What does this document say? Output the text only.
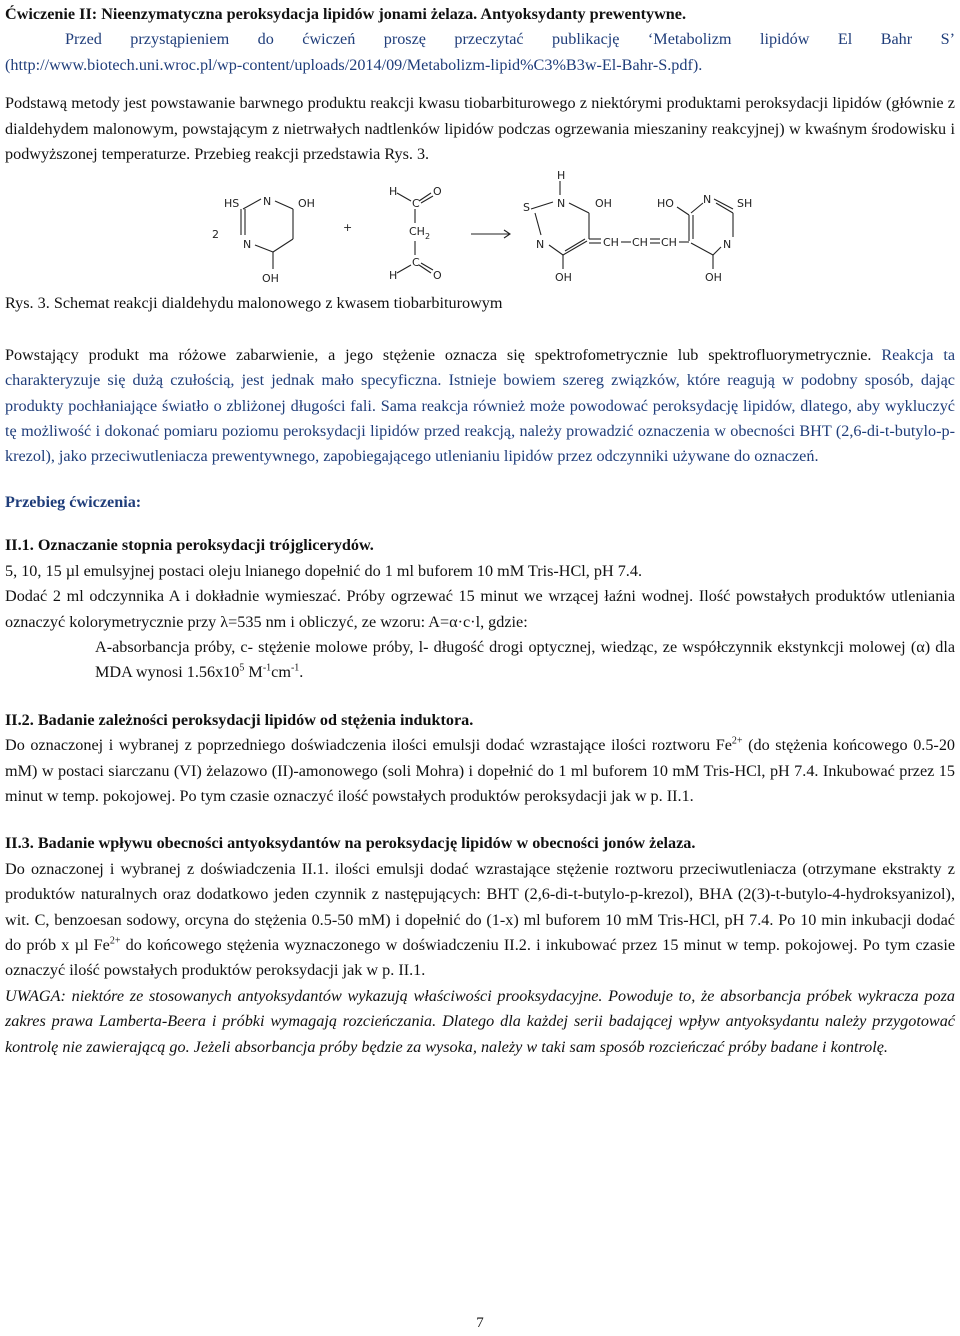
Ćwiczenie II: Nieenzymatyczna peroksydacja lipidów jonami żelaza. Antyoksydanty prewentywne.

Przed przystąpieniem do ćwiczeń proszę przeczytać publikację ‘Metabolizm lipidów El Bahr S’

(http://www.biotech.uni.wroc.pl/wp-content/uploads/2014/09/Metabolizm-lipid%C3%B3w-El-Bahr-S.pdf).

Podstawą metody jest powstawanie barwnego produktu reakcji kwasu tiobarbiturowego z niektórymi produktami peroksydacji lipidów (głównie z dialdehydem malonowym, powstającym z nietrwałych nadtlenków lipidów podczas ogrzewania mieszaniny reakcyjnej) w kwaśnym środowisku i podwyższonej temperaturze. Przebieg reakcji przedstawia Rys. 3.

2
HS N OH
N
OH
+
H
C
O
$CH_2$
C
H	O
H
N	OH
S
N
OH
CH CH CH
HO	N SH
N
OH

Rys. 3. Schemat reakcji dialdehydu malonowego z kwasem tiobarbiturowym

Powstający produkt ma różowe zabarwienie, a jego stężenie oznacza się spektrofometrycznie lub spektrofluorymetrycznie. Reakcja ta charakteryzuje się dużą czułością, jest jednak mało specyficzna. Istnieje bowiem szereg związków, które reagują w podobny sposób, dając produkty pochłaniające światło o zbliżonej długości fali. Sama reakcja również może powodować peroksydację lipidów, dlatego, aby wykluczyć tę możliwość i dokonać pomiaru poziomu peroksydacji lipidów przed reakcją, należy prowadzić oznaczenia w obecności BHT (2,6-di-t-butylo-p-krezol), jako przeciwutleniacza prewentywnego, zapobiegającego utlenianiu lipidów przez odczynniki używane do oznaczeń.

Przebieg ćwiczenia:

II.1. Oznaczanie stopnia peroksydacji trójglicerydów.

5, 10, 15 µl emulsyjnej postaci oleju lnianego dopełnić do 1 ml buforem 10 mM Tris-HCl, pH 7.4.

Dodać 2 ml odczynnika A i dokładnie wymieszać. Próby ogrzewać 15 minut we wrzącej łaźni wodnej. Ilość powstałych produktów utleniania oznaczyć kolorymetrycznie przy λ=535 nm i obliczyć, ze wzoru: A=α·c·l, gdzie:

A-absorbancja próby, c- stężenie molowe próby, l- długość drogi optycznej, wiedząc, ze współczynnik ekstynkcji molowej (α) dla MDA wynosi $1.56x10^5$ $M^{-1}cm^{-1}$.

II.2. Badanie zależności peroksydacji lipidów od stężenia induktora.

Do oznaczonej i wybranej z poprzedniego doświadczenia ilości emulsji dodać wzrastające ilości roztworu $Fe^{2+}$ (do stężenia końcowego 0.5-20 mM) w postaci siarczanu (VI) żelazowo (II)-amonowego (soli Mohra) i dopełnić do 1 ml buforem 10 mM Tris-HCl, pH 7.4. Inkubować przez 15 minut w temp. pokojowej. Po tym czasie oznaczyć ilość powstałych produktów peroksydacji jak w p. II.1.

II.3. Badanie wpływu obecności antyoksydantów na peroksydację lipidów w obecności jonów żelaza.

Do oznaczonej i wybranej z doświadczenia II.1. ilości emulsji dodać wzrastające stężenie roztworu przeciwutleniacza (otrzymane ekstrakty z produktów naturalnych oraz dodatkowo jeden czynnik z następujących: BHT (2,6-di-t-butylo-p-krezol), BHA (2(3)-t-butylo-4-hydroksyanizol), wit. C, benzoesan sodowy, orcyna do stężenia 0.5-50 mM) i dopełnić do (1-x) ml buforem 10 mM Tris-HCl, pH 7.4. Po 10 min inkubacji dodać do prób x µl $Fe^{2+}$ do końcowego stężenia wyznaczonego w doświadczeniu II.2. i inkubować przez 15 minut w temp. pokojowej. Po tym czasie oznaczyć ilość powstałych produktów peroksydacji jak w p. II.1.

UWAGA: niektóre ze stosowanych antyoksydantów wykazują właściwości prooksydacyjne. Powoduje to, że absorbancja próbek wykracza poza zakres prawa Lamberta-Beera i próbki wymagają rozcieńczania. Dlatego dla każdej serii badającej wpływ antyoksydantu należy przygotować kontrolę nie zawierającą go. Jeżeli absorbancja próby będzie za wysoka, należy w taki sam sposób rozcieńczać próby badane i kontrolę.

7
